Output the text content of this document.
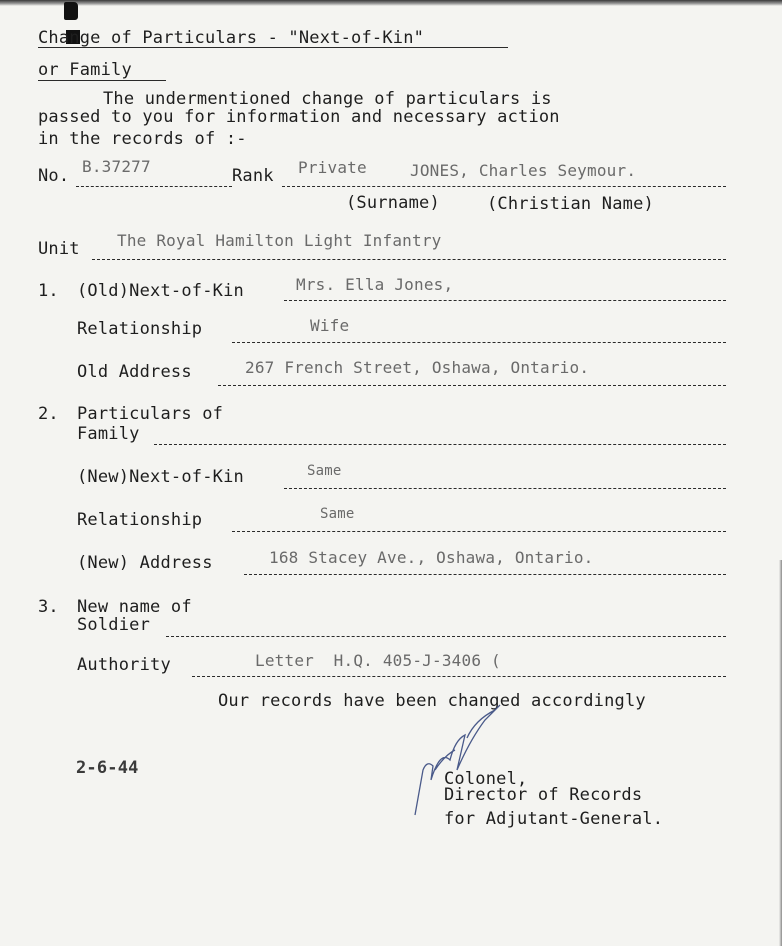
Change of Particulars - "Next-of-Kin"
or Family
The undermentioned change of particulars is
passed to you for information and necessary action
in the records of :-
No. B.37277	Rank Private	JONES, Charles Seymour.
(Surname)	(Christian Name)
Unit The Royal Hamilton Light Infantry
1. (Old)Next-of-Kin	Mrs. Ella Jones,
Relationship	Wife
Old Address	267 French Street, Oshawa, Ontario.
2. Particulars of
Family
(New)Next-of-Kin	Same
Relationship	Same
(New) Address	168 Stacey Ave., Oshawa, Ontario.
3. New name of
Soldier
Authority	Letter  H.Q. 405-J-3406 (
Our records have been changed accordingly
2-6-44
Colonel,
Director of Records
for Adjutant-General.
